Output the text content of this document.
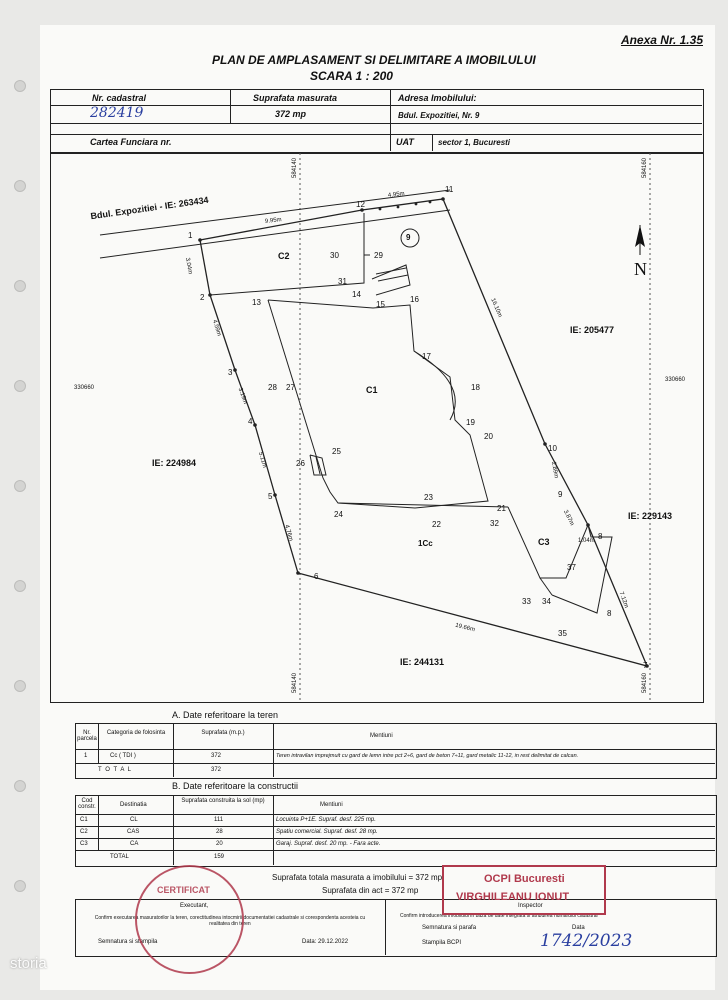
Anexa Nr. 1.35
PLAN DE AMPLASAMENT SI DELIMITARE A IMOBILULUI
SCARA 1 : 200
Nr. cadastral
282419
Suprafata masurata
372 mp
Adresa Imobilului:
Bdul. Expozitiei, Nr. 9
Cartea Funciara nr.	UAT	sector 1, Bucuresti
Bdul. Expozitiei - IE: 263434
584140	584160
330660
330660
584140	584160
N
IE: 205477
IE: 224984
IE: 229143
IE: 244131
9
C1
C2
C3
1Cc
9.95m
4.95m
3.04m
4.59m
3.19m
5.11m
4.76m
16.10m
2.89m
3.87m
1.04m
7.12m
19.66m
1
2
3
4
5
6
7
8
8
9
10
11
12
13
14
15
16
17
18
19
20
21
22
23
24
25
26
27
28
29
30
31
32
33 34
35
37
A. Date referitoare la teren
Nr. parcela
Categoria de folosinta	Suprafata (m.p.)	Mentiuni
1	Cc ( TDI )	372	Teren intravilan imprejmuit cu gard de lemn intre pct 2÷6, gard de beton 7÷11, gard metalic 11-12, in rest delimitat de calcan.
T O T A L	372
B. Date referitoare la constructii
Cod constr.	Destinatia
Suprafata construita la sol (mp)
Mentiuni
C1	CL	111	Locuinta P+1E. Supraf. desf. 225 mp.
C2	CAS	28	Spatiu comercial. Supraf. desf. 28 mp.
C3	CA	20	Garaj. Supraf. desf. 20 mp. - Fara acte.
TOTAL	159
Suprafata totala masurata a imobilului = 372 mp
Suprafata din act = 372 mp
Executant,
Confirm executarea masuratorilor la teren, corectitudinea intocmirii documentatiei cadastrale si corespondenta acesteia cu realitatea din teren
Semnatura si stampila	Data: 29.12.2022
Inspector
Confirm introducerea imobilului in baza de date integrata si atribuirea numarului cadastral
Semnatura si parafa	Data
Stampila BCPI	1742/2023
OCPI Bucuresti
VIRGHILEANU IONUT
CERTIFICAT
storia
